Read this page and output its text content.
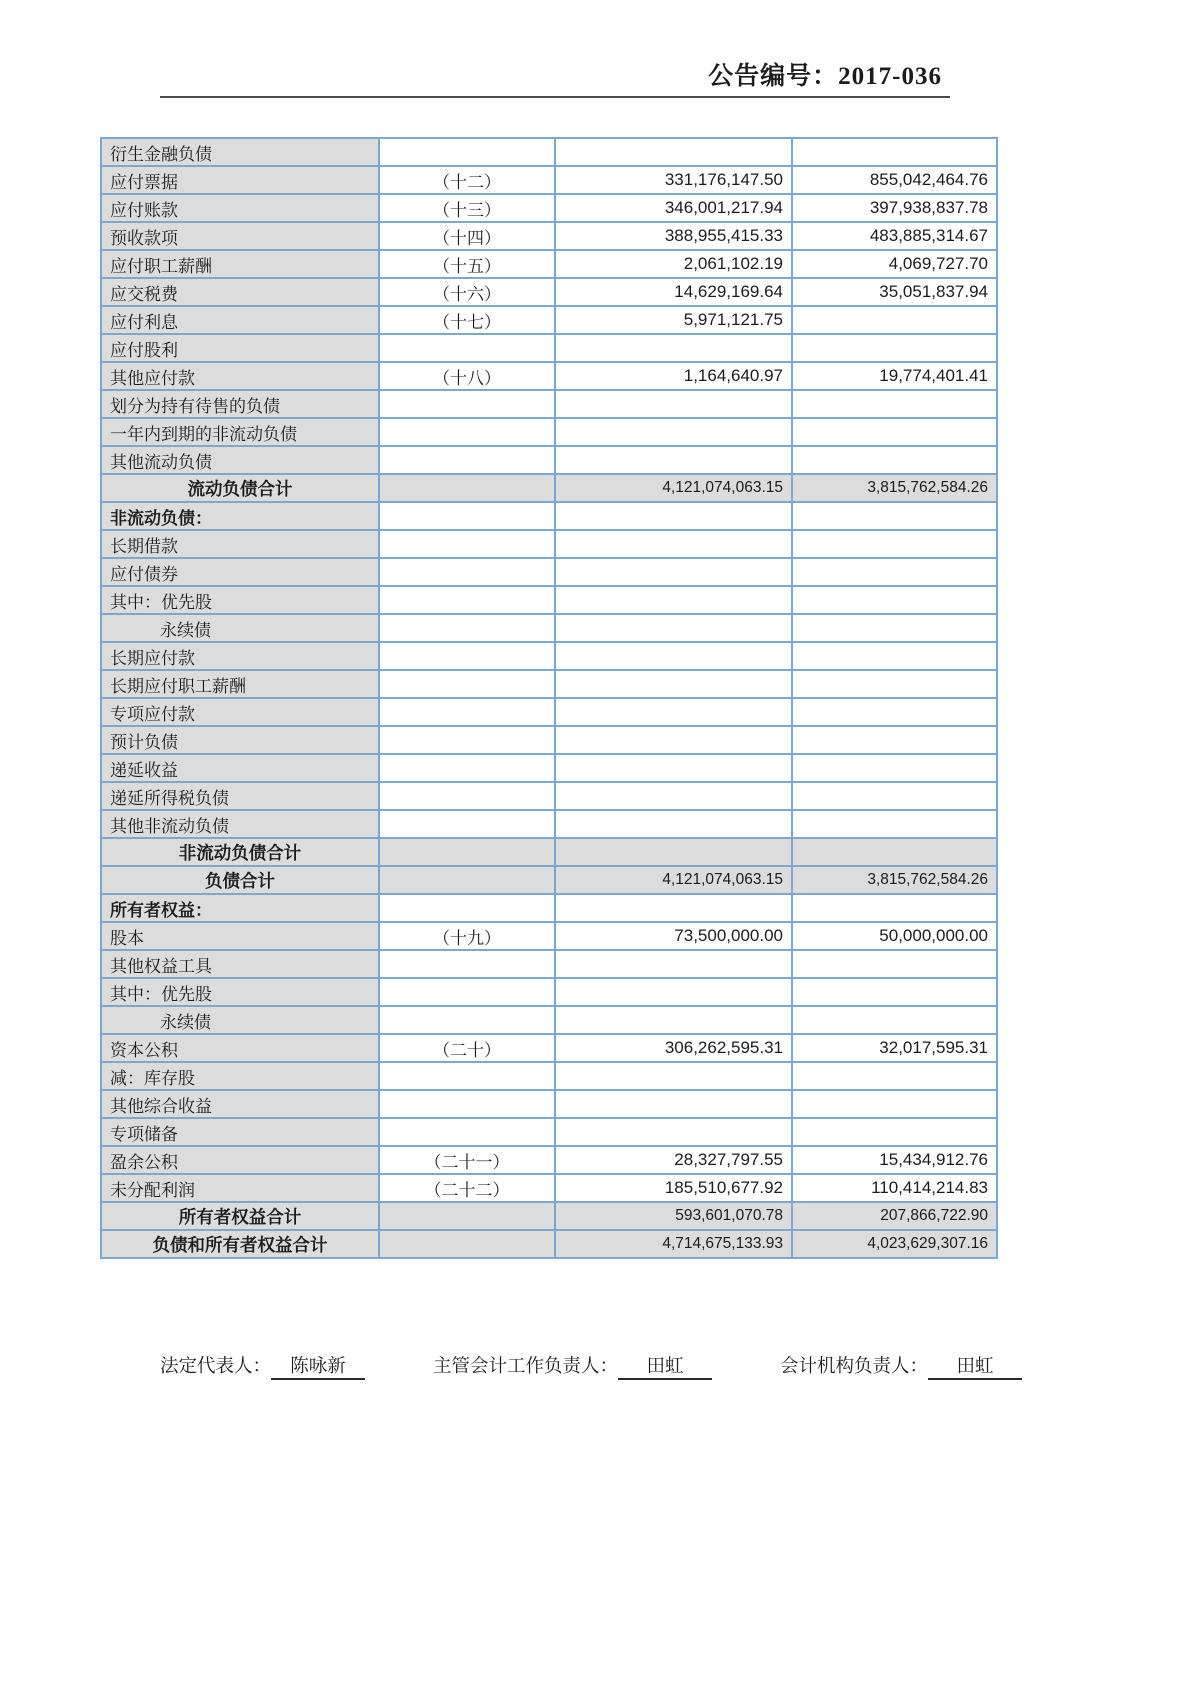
公告编号：2017-036
衍生金融负债			
应付票据	（十二）	331,176,147.50	855,042,464.76
应付账款	（十三）	346,001,217.94	397,938,837.78
预收款项	（十四）	388,955,415.33	483,885,314.67
应付职工薪酬	（十五）	2,061,102.19	4,069,727.70
应交税费	（十六）	14,629,169.64	35,051,837.94
应付利息	（十七）	5,971,121.75	
应付股利			
其他应付款	（十八）	1,164,640.97	19,774,401.41
划分为持有待售的负债			
一年内到期的非流动负债			
其他流动负债			
流动负债合计		4,121,074,063.15	3,815,762,584.26
非流动负债：			
长期借款			
应付债券			
其中：优先股			
永续债			
长期应付款			
长期应付职工薪酬			
专项应付款			
预计负债			
递延收益			
递延所得税负债			
其他非流动负债			
非流动负债合计			
负债合计		4,121,074,063.15	3,815,762,584.26
所有者权益：			
股本	（十九）	73,500,000.00	50,000,000.00
其他权益工具			
其中：优先股			
永续债			
资本公积	（二十）	306,262,595.31	32,017,595.31
减：库存股			
其他综合收益			
专项储备			
盈余公积	（二十一）	28,327,797.55	15,434,912.76
未分配利润	（二十二）	185,510,677.92	110,414,214.83
所有者权益合计		593,601,070.78	207,866,722.90
负债和所有者权益合计		4,714,675,133.93	4,023,629,307.16
法定代表人： 陈咏新	主管会计工作负责人： 田虹	会计机构负责人： 田虹
